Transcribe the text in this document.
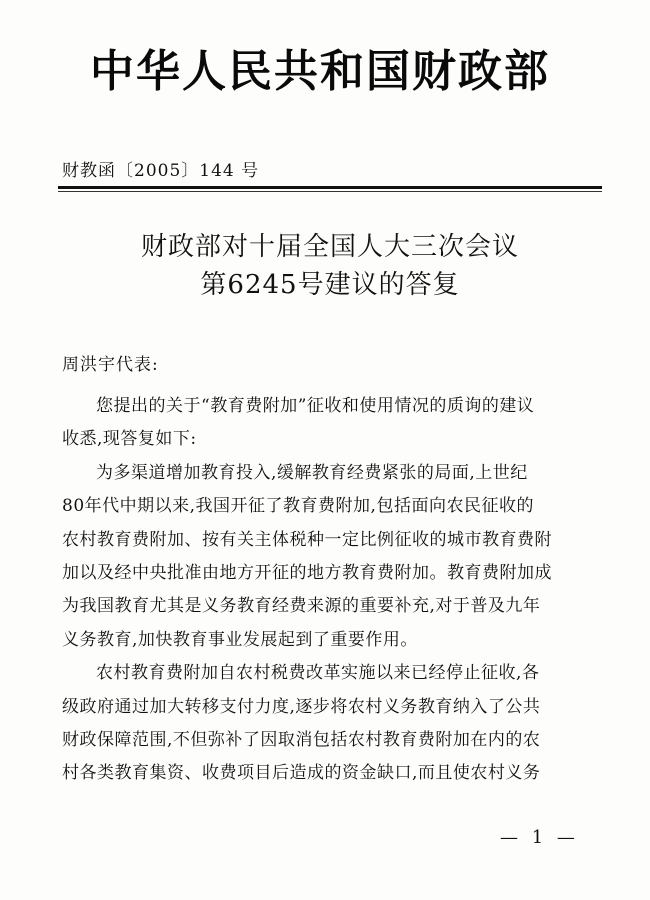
中华人民共和国财政部
财教函〔2005〕144 号
财政部对十届全国人大三次会议
第6245号建议的答复
周洪宇代表:
您提出的关于“教育费附加”征收和使用情况的质询的建议
收悉,现答复如下:
为多渠道增加教育投入,缓解教育经费紧张的局面,上世纪
80年代中期以来,我国开征了教育费附加,包括面向农民征收的
农村教育费附加、按有关主体税种一定比例征收的城市教育费附
加以及经中央批准由地方开征的地方教育费附加。教育费附加成
为我国教育尤其是义务教育经费来源的重要补充,对于普及九年
义务教育,加快教育事业发展起到了重要作用。
农村教育费附加自农村税费改革实施以来已经停止征收,各
级政府通过加大转移支付力度,逐步将农村义务教育纳入了公共
财政保障范围,不但弥补了因取消包括农村教育费附加在内的农
村各类教育集资、收费项目后造成的资金缺口,而且使农村义务
— 1 —
